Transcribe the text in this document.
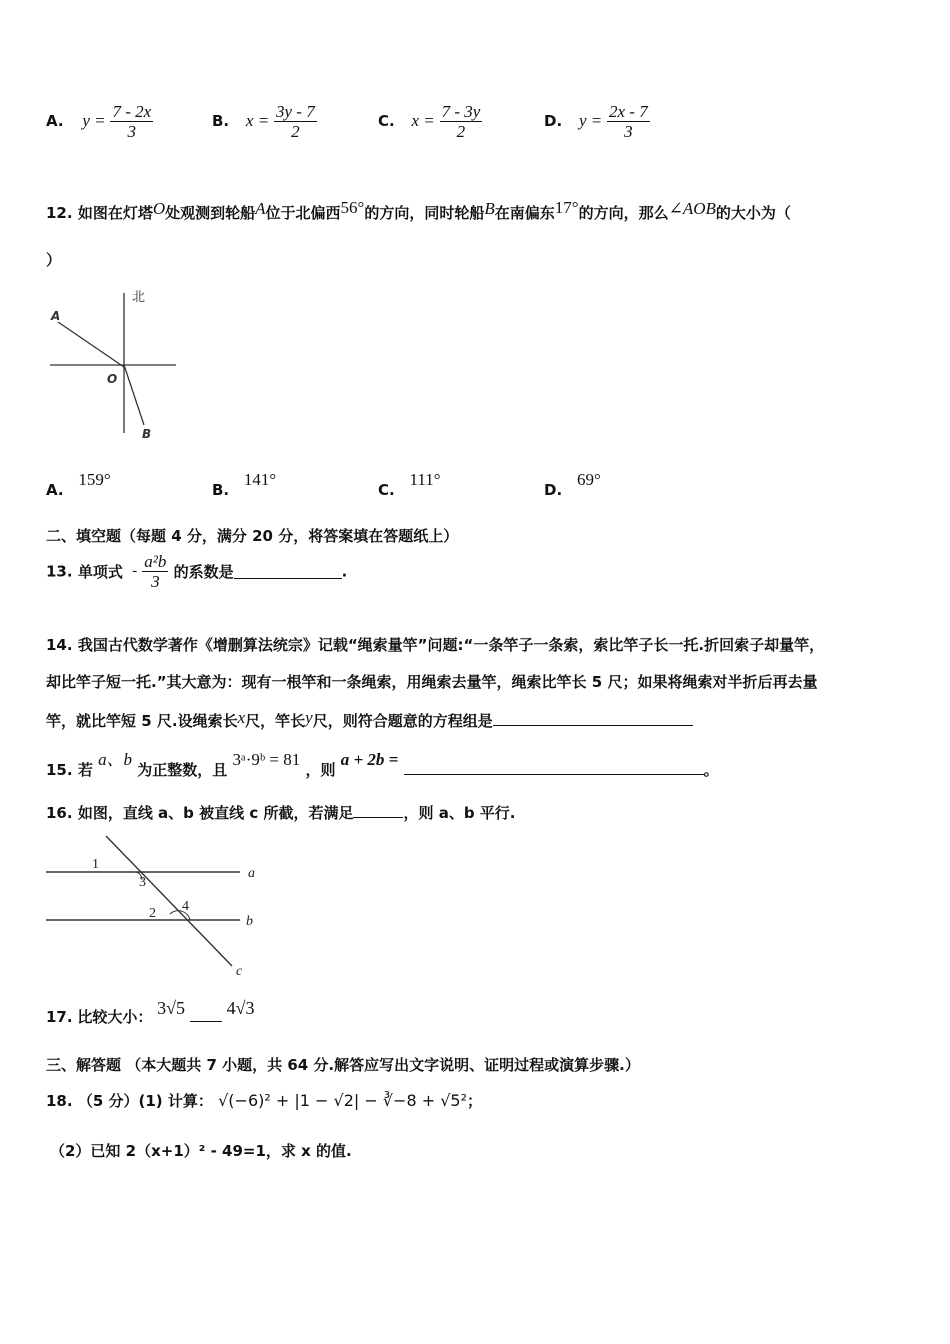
A. $y = \frac{7 - 2x}{3}$	B. $x = \frac{3y - 7}{2}$	C. $x = \frac{7 - 3y}{2}$	D. $y = \frac{2x - 7}{3}$
12. 如图在灯塔O处观测到轮船A位于北偏西56°的方向，同时轮船B在南偏东17°的方向，那么∠AOB的大小为（
）
北
A
O
B
A. 159°
B. 141°
C. 111°
D. 69°
二、填空题（每题 4 分，满分 20 分，将答案填在答题纸上）
13. 单项式 - $\frac{\text{a²b}}{3}$ 的系数是	.
14. 我国古代数学著作《增删算法统宗》记载“绳索量竿”问题:“一条竿子一条索，索比竿子长一托.折回索子却量竿，
却比竿子短一托.”其大意为：现有一根竿和一条绳索，用绳索去量竿，绳索比竿长 5 尺；如果将绳索对半折后再去量
竿，就比竿短 5 尺.设绳索长x尺，竿长y尺，则符合题意的方程组是
15. 若 a、b 为正整数，且 3ᵃ·9ᵇ = 81 ，则 a + 2b = 。
16. 如图，直线 a、b 被直线 c 所截，若满足	，则 a、b 平行.
1
3
2 4
a
b
c
17. 比较大小： 3√5 4√3
三、解答题 （本大题共 7 小题，共 64 分.解答应写出文字说明、证明过程或演算步骤.）
18. （5 分）(1) 计算： √(−6)² + |1 − √2| − ∛−8 + √5²；
（2）已知 2（x+1）² - 49=1，求 x 的值.
